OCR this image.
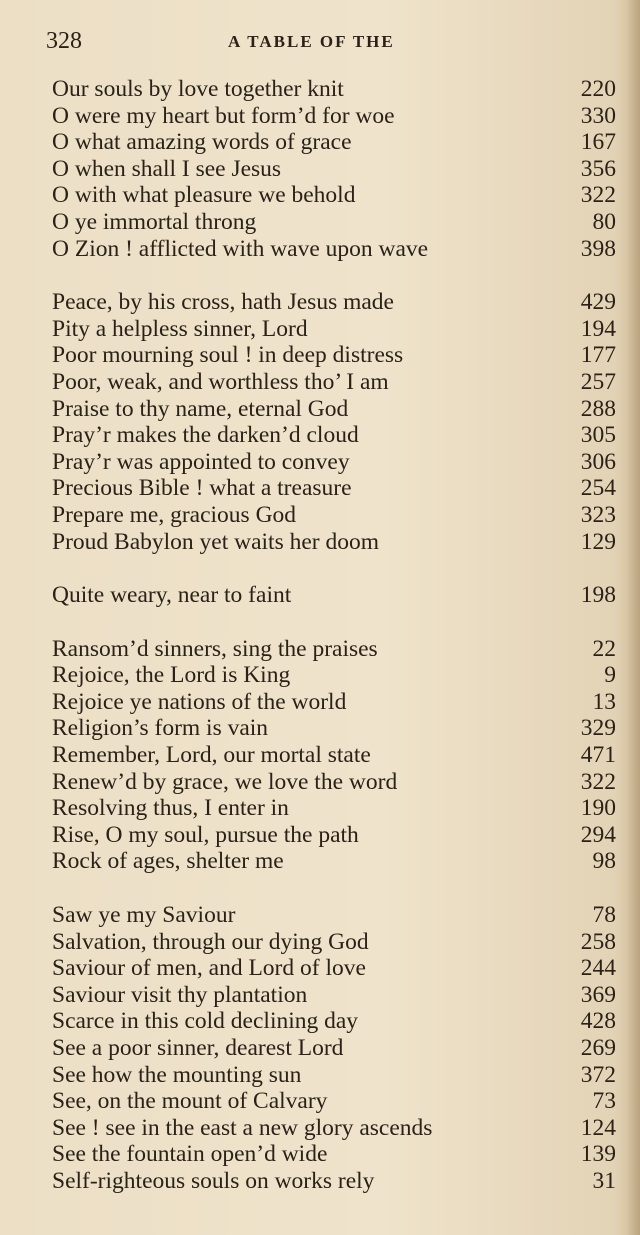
328	A TABLE OF THE
Our souls by love together knit	220
O were my heart but form’d for woe	330
O what amazing words of grace	167
O when shall I see Jesus	356
O with what pleasure we behold	322
O ye immortal throng	80
O Zion ! afflicted with wave upon wave	398
Peace, by his cross, hath Jesus made	429
Pity a helpless sinner, Lord	194
Poor mourning soul ! in deep distress	177
Poor, weak, and worthless tho’ I am	257
Praise to thy name, eternal God	288
Pray’r makes the darken’d cloud	305
Pray’r was appointed to convey	306
Precious Bible ! what a treasure	254
Prepare me, gracious God	323
Proud Babylon yet waits her doom	129
Quite weary, near to faint	198
Ransom’d sinners, sing the praises	22
Rejoice, the Lord is King	9
Rejoice ye nations of the world	13
Religion’s form is vain	329
Remember, Lord, our mortal state	471
Renew’d by grace, we love the word	322
Resolving thus, I enter in	190
Rise, O my soul, pursue the path	294
Rock of ages, shelter me	98
Saw ye my Saviour	78
Salvation, through our dying God	258
Saviour of men, and Lord of love	244
Saviour visit thy plantation	369
Scarce in this cold declining day	428
See a poor sinner, dearest Lord	269
See how the mounting sun	372
See, on the mount of Calvary	73
See ! see in the east a new glory ascends	124
See the fountain open’d wide	139
Self-righteous souls on works rely	31
